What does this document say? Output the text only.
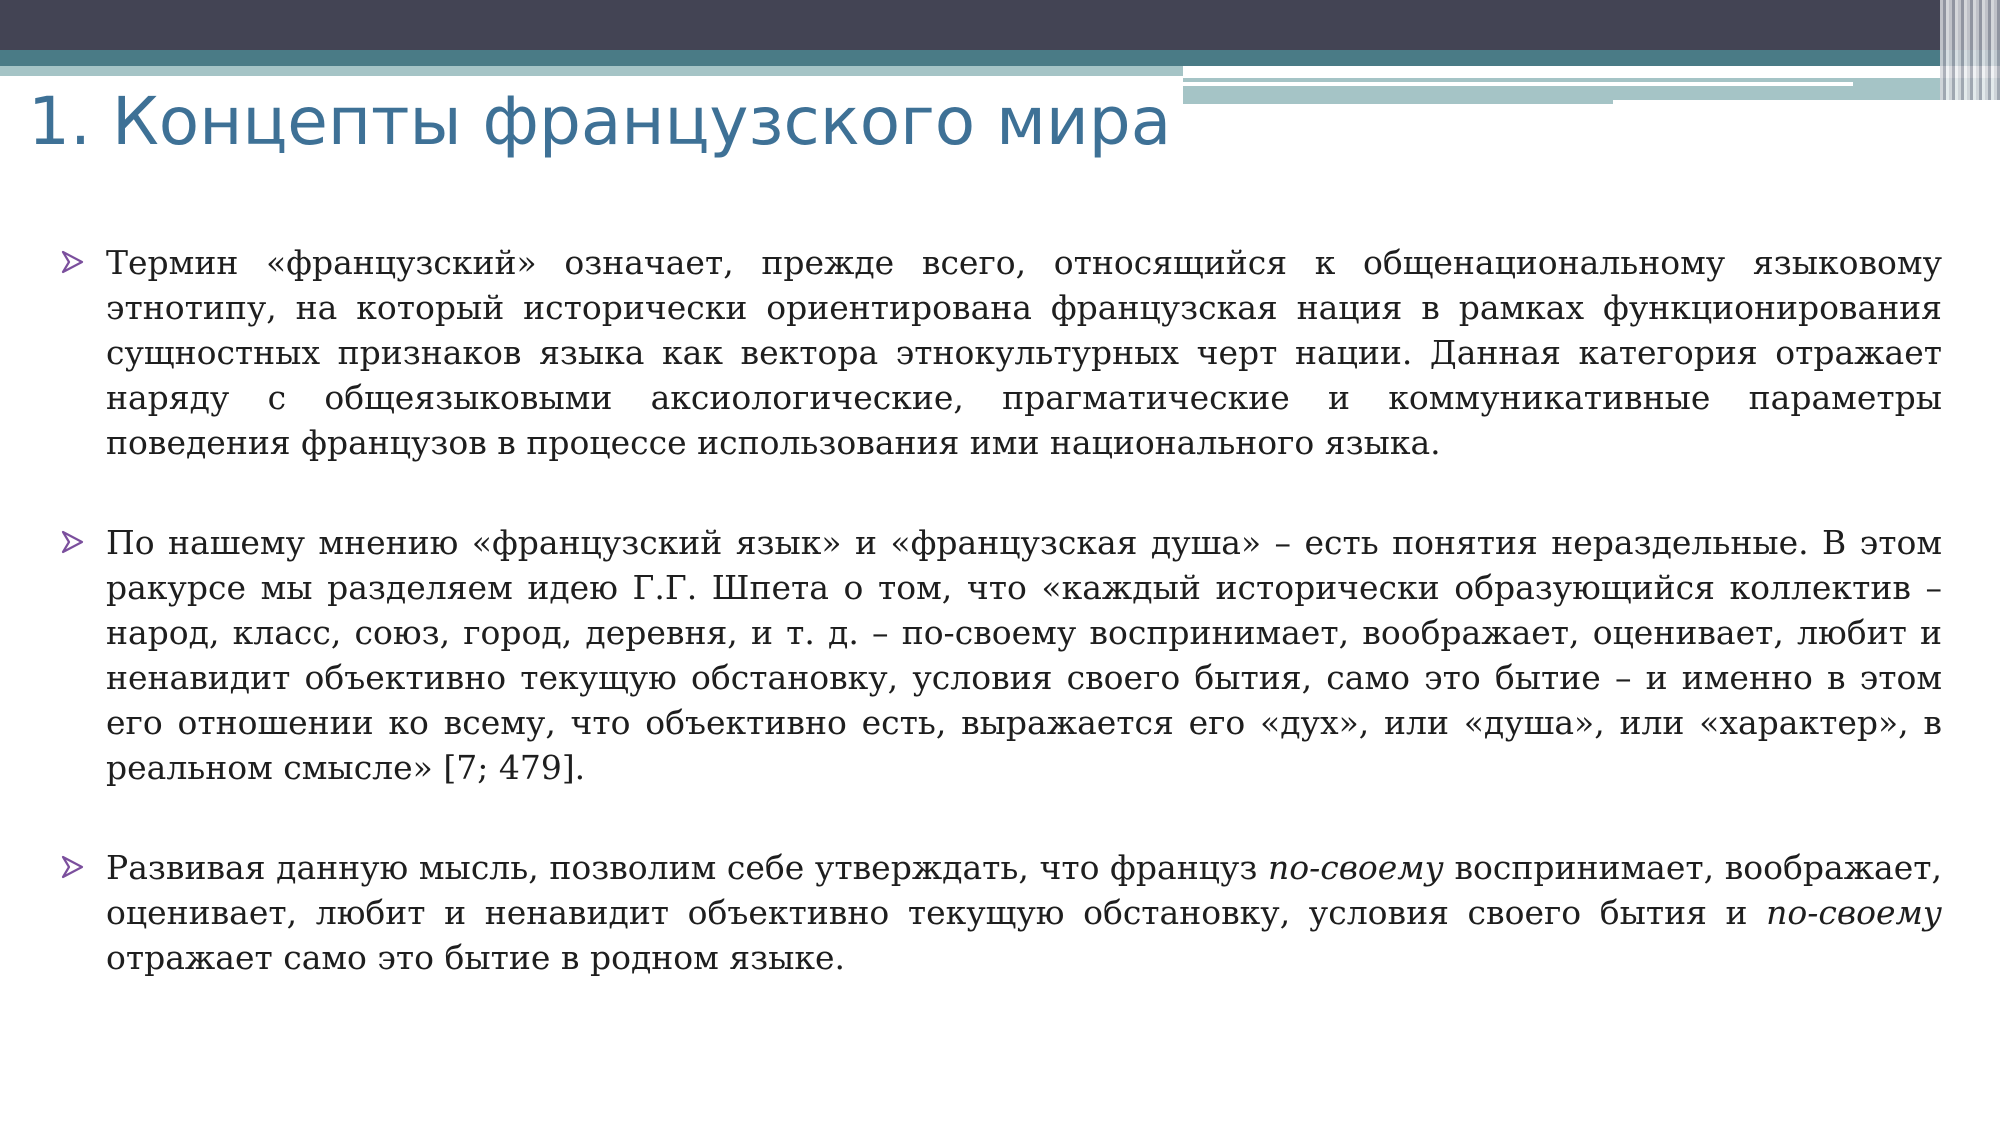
1. Концепты французского мира

Термин «французский» означает, прежде всего, относящийся к общенациональному языковому этнотипу, на который исторически ориентирована французская нация в рамках функционирования сущностных признаков языка как вектора этнокультурных черт нации. Данная категория отражает наряду с общеязыковыми аксиологические, прагматические и коммуникативные параметры поведения французов в процессе использования ими национального языка.

По нашему мнению «французский язык» и «французская душа» – есть понятия нераздельные. В этом ракурсе мы разделяем идею Г.Г. Шпета о том, что «каждый исторически образующийся коллектив – народ, класс, союз, город, деревня, и т. д. – по-своему воспринимает, воображает, оценивает, любит и ненавидит объективно текущую обстановку, условия своего бытия, само это бытие – и именно в этом его отношении ко всему, что объективно есть, выражается его «дух», или «душа», или «характер», в реальном смысле» [7; 479].

Развивая данную мысль, позволим себе утверждать, что француз по-своему воспринимает, воображает, оценивает, любит и ненавидит объективно текущую обстановку, условия своего бытия и по-своему отражает само это бытие в родном языке.
